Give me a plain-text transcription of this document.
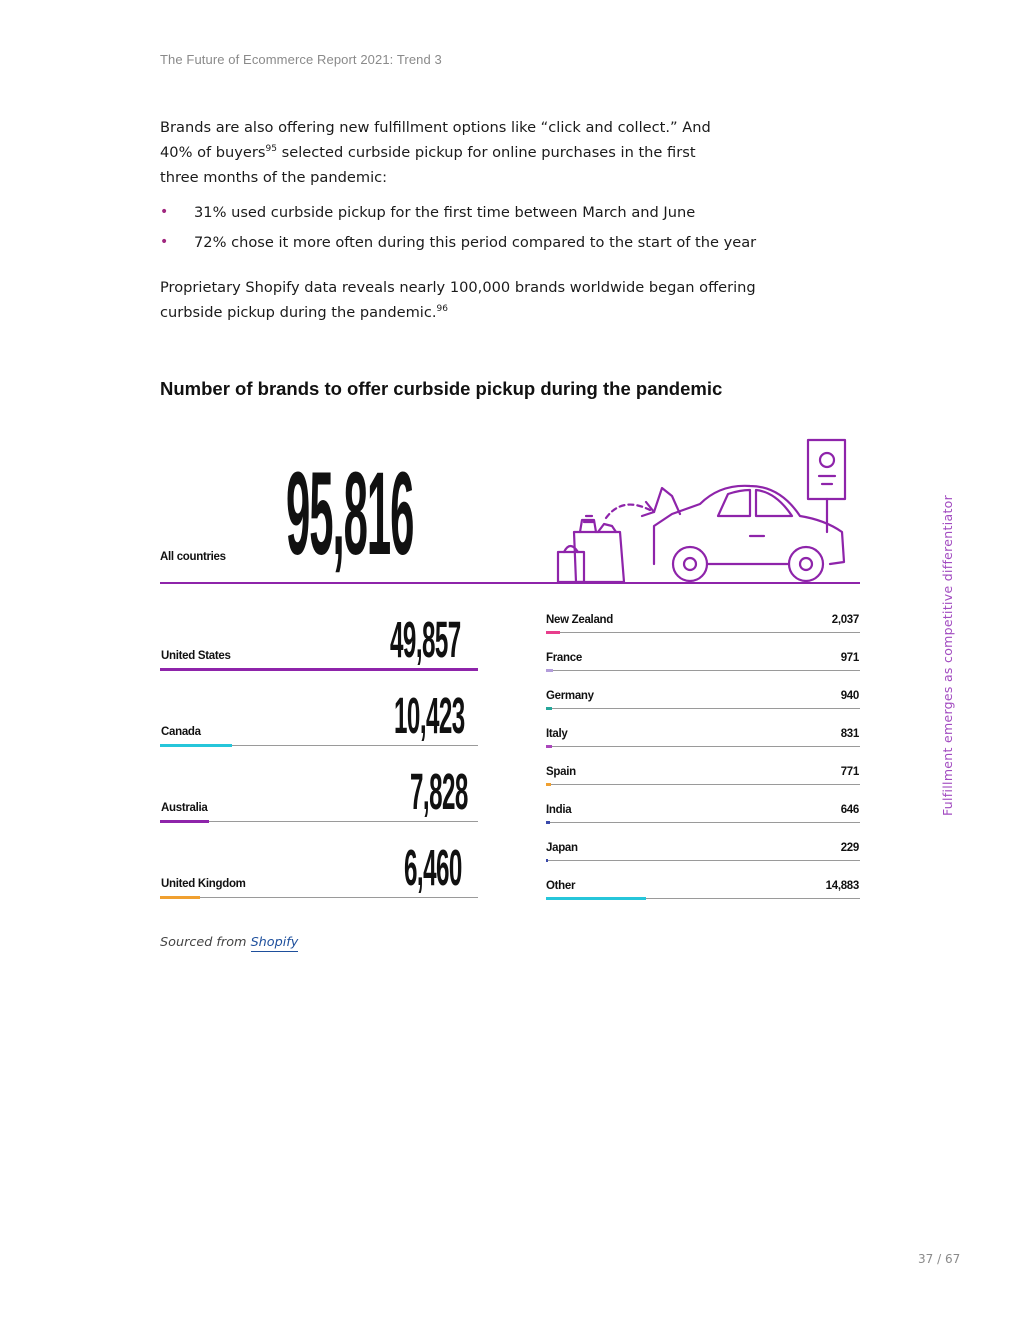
The Future of Ecommerce Report 2021: Trend 3
Brands are also offering new fulfillment options like “click and collect.” And
40% of buyers$^{95}$ selected curbside pickup for online purchases in the first
three months of the pandemic:
• 31% used curbside pickup for the first time between March and June
• 72% chose it more often during this period compared to the start of the year
Proprietary Shopify data reveals nearly 100,000 brands worldwide began offering
curbside pickup during the pandemic.$^{96}$
Number of brands to offer curbside pickup during the pandemic
All countries 95,816
United States	49,857
Canada	10,423
Australia	7,828
United Kingdom	6,460
New Zealand	2,037
France	971
Germany	940
Italy	831
Spain	771
India	646
Japan	229
Other	14,883
Fulfillment emerges as competitive differentiator
Sourced from Shopify
37 / 67
